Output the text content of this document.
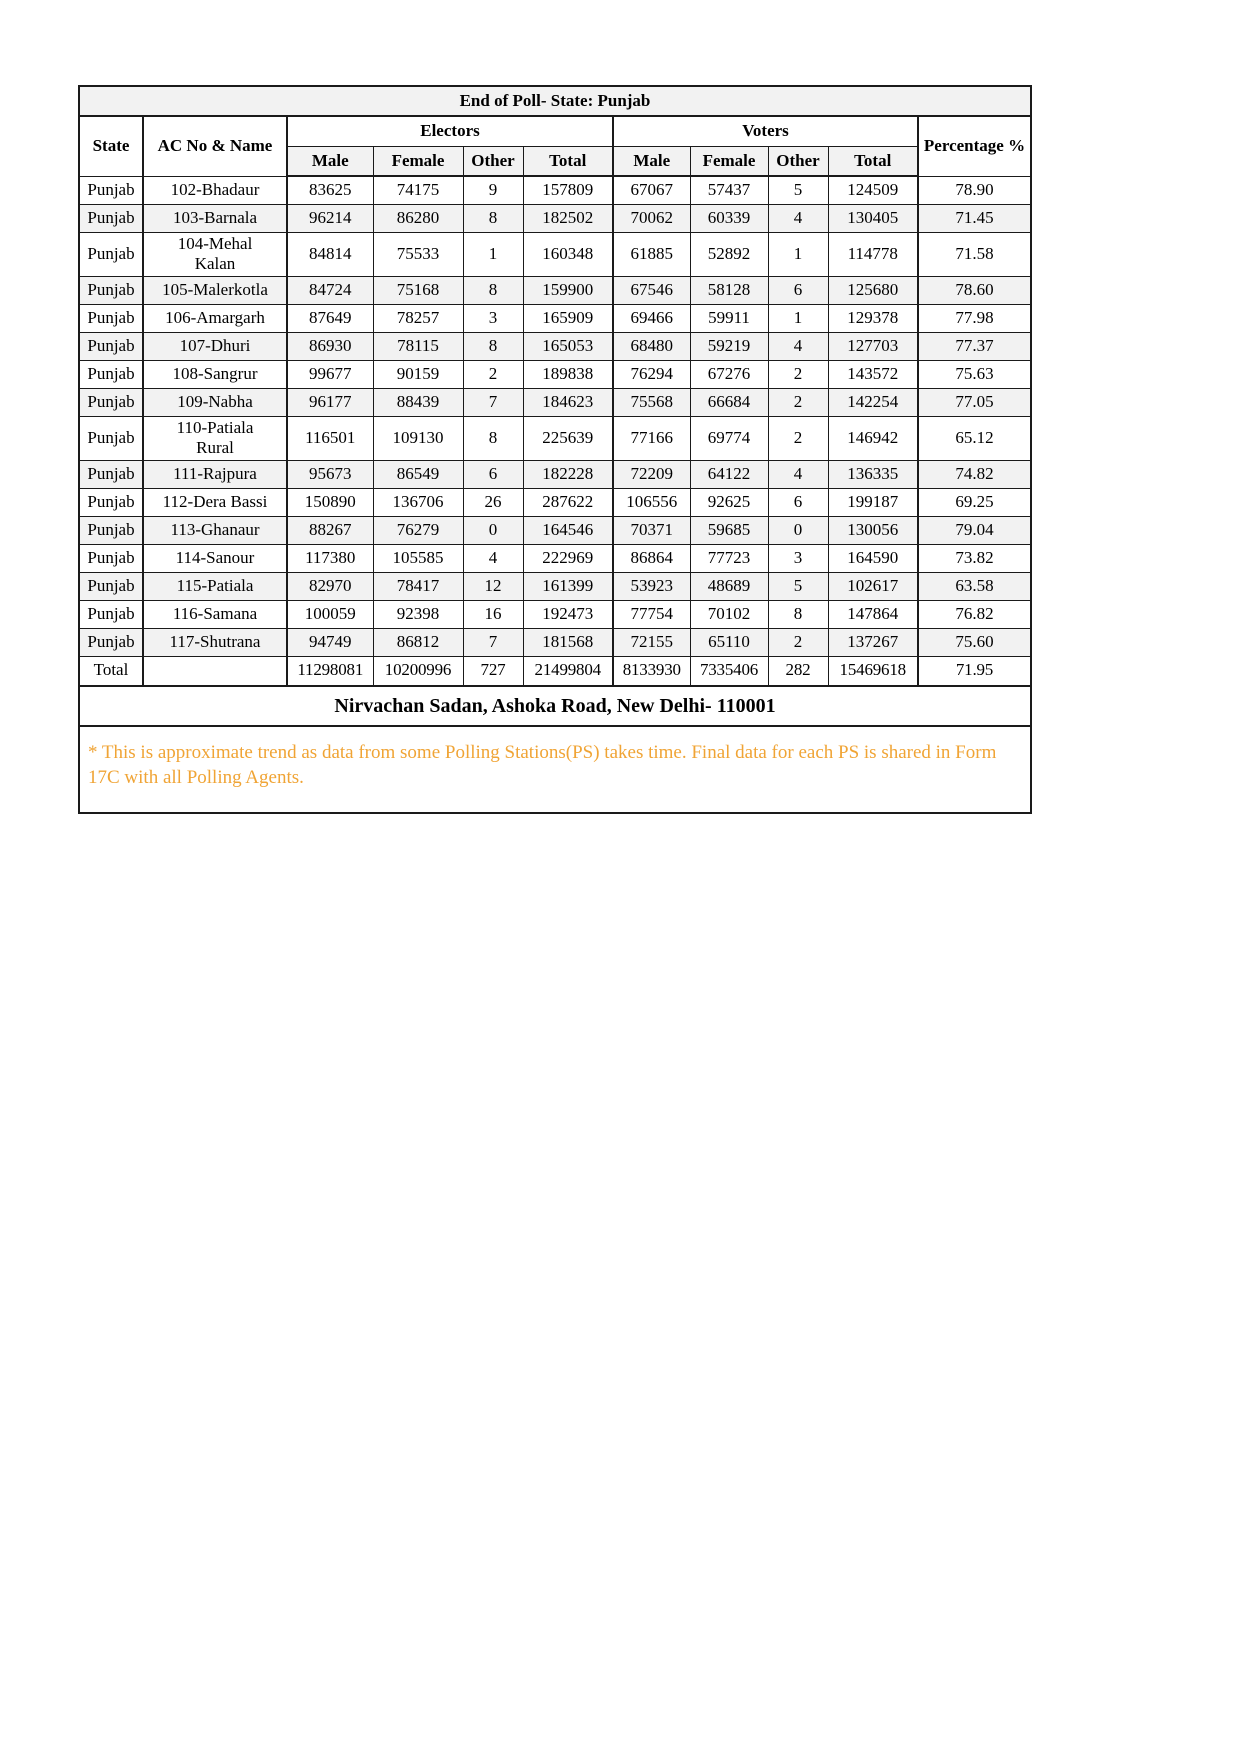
End of Poll- State: Punjab										
State	AC No & Name	Electors				Voters				Percentage %
		Male	Female	Other	Total	Male	Female	Other	Total	
Punjab	102-Bhadaur	83625	74175	9	157809	67067	57437	5	124509	78.90
Punjab	103-Barnala	96214	86280	8	182502	70062	60339	4	130405	71.45
Punjab	104-Mehal Kalan	84814	75533	1	160348	61885	52892	1	114778	71.58
Punjab	105-Malerkotla	84724	75168	8	159900	67546	58128	6	125680	78.60
Punjab	106-Amargarh	87649	78257	3	165909	69466	59911	1	129378	77.98
Punjab	107-Dhuri	86930	78115	8	165053	68480	59219	4	127703	77.37
Punjab	108-Sangrur	99677	90159	2	189838	76294	67276	2	143572	75.63
Punjab	109-Nabha	96177	88439	7	184623	75568	66684	2	142254	77.05
Punjab	110-Patiala Rural	116501	109130	8	225639	77166	69774	2	146942	65.12
Punjab	111-Rajpura	95673	86549	6	182228	72209	64122	4	136335	74.82
Punjab	112-Dera Bassi	150890	136706	26	287622	106556	92625	6	199187	69.25
Punjab	113-Ghanaur	88267	76279	0	164546	70371	59685	0	130056	79.04
Punjab	114-Sanour	117380	105585	4	222969	86864	77723	3	164590	73.82
Punjab	115-Patiala	82970	78417	12	161399	53923	48689	5	102617	63.58
Punjab	116-Samana	100059	92398	16	192473	77754	70102	8	147864	76.82
Punjab	117-Shutrana	94749	86812	7	181568	72155	65110	2	137267	75.60
Total		11298081	10200996	727	21499804	8133930	7335406	282	15469618	71.95
Nirvachan Sadan, Ashoka Road, New Delhi- 110001										
* This is approximate trend as data from some Polling Stations(PS) takes time. Final data for each PS is shared in Form 17C with all Polling Agents.										
